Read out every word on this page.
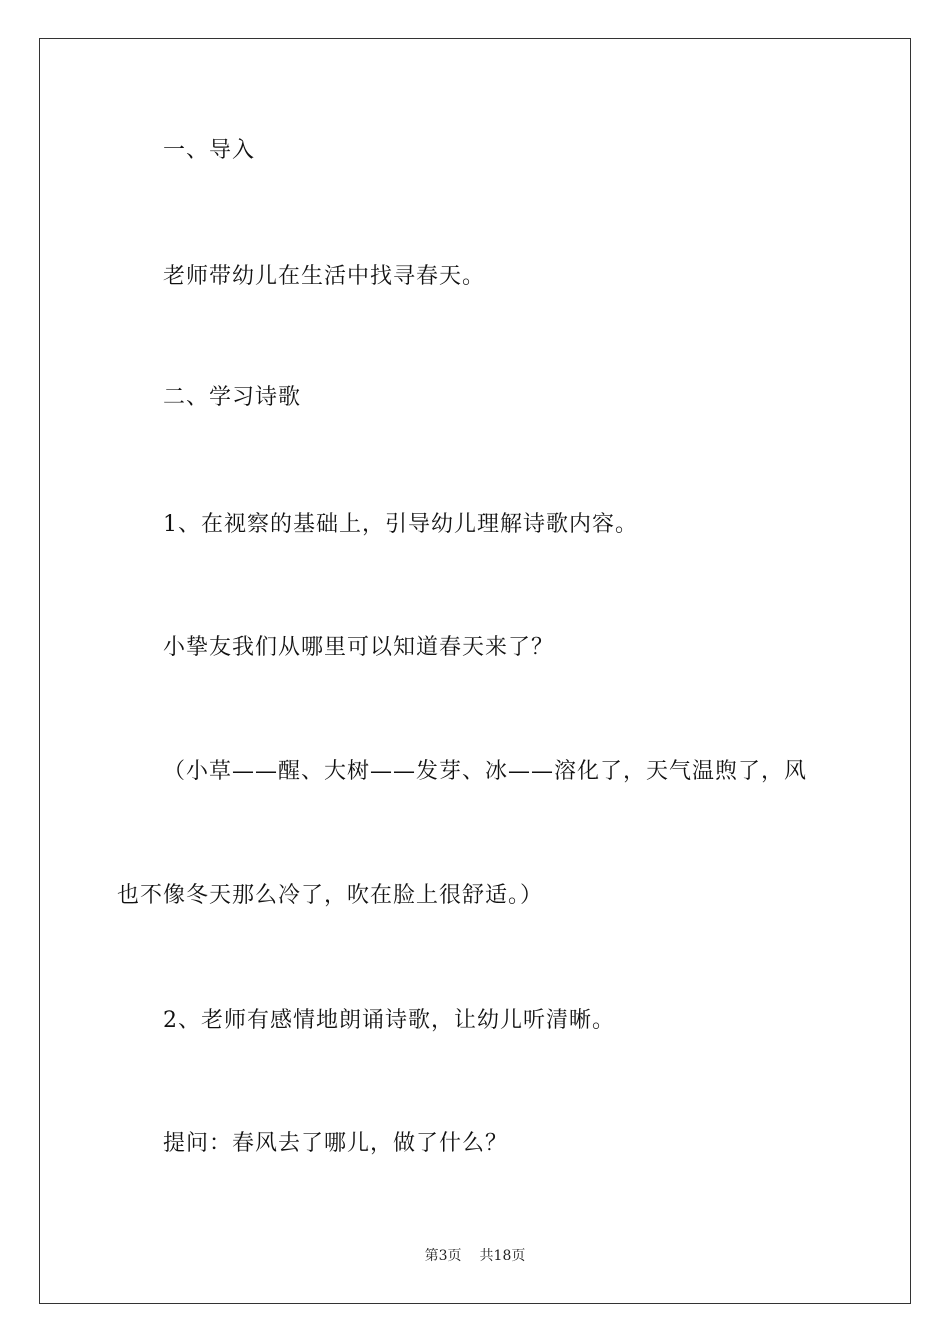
一、导入
老师带幼儿在生活中找寻春天。
二、学习诗歌
1、在视察的基础上，引导幼儿理解诗歌内容。
小挚友我们从哪里可以知道春天来了？
（小草——醒、大树——发芽、冰——溶化了，天气温煦了，风
也不像冬天那么冷了，吹在脸上很舒适。）
2、老师有感情地朗诵诗歌，让幼儿听清晰。
提问：春风去了哪儿，做了什么？
第3页 共18页
